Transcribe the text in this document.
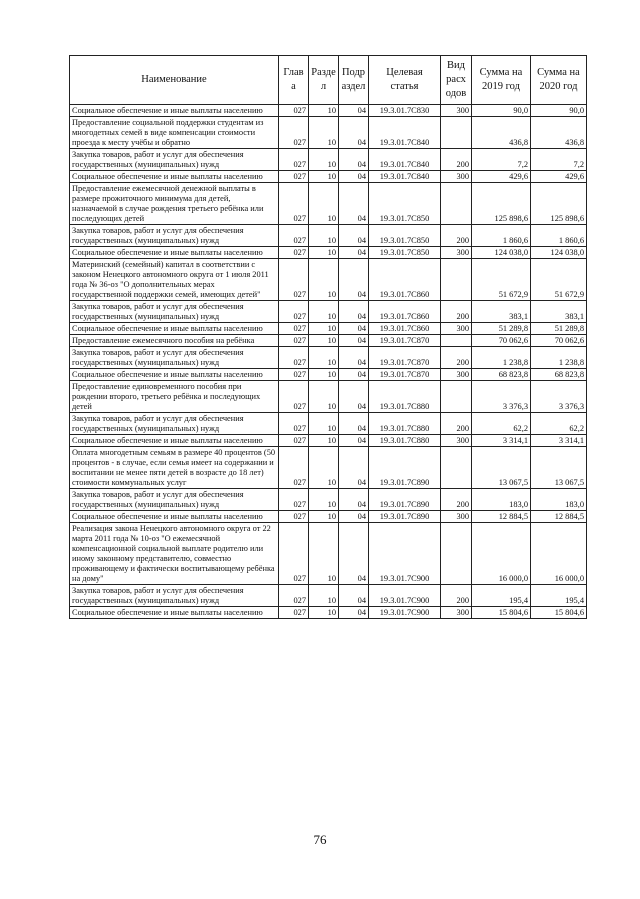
Наименование	Глав а	Разде л	Подр аздел	Целевая статья	Вид расх одов	Сумма на 2019 год	Сумма на 2020 год
Социальное обеспечение и иные выплаты населению	027	10	04	19.3.01.7С830	300	90,0	90,0
Предоставление социальной поддержки студентам из многодетных семей в виде компенсации стоимости проезда к месту учёбы и обратно	027	10	04	19.3.01.7С840		436,8	436,8
Закупка товаров, работ и услуг для обеспечения государственных (муниципальных) нужд	027	10	04	19.3.01.7С840	200	7,2	7,2
Социальное обеспечение и иные выплаты населению	027	10	04	19.3.01.7С840	300	429,6	429,6
Предоставление ежемесячной денежной выплаты в размере прожиточного минимума для детей, назначаемой в случае рождения третьего ребёнка или последующих детей	027	10	04	19.3.01.7С850		125 898,6	125 898,6
Закупка товаров, работ и услуг для обеспечения государственных (муниципальных) нужд	027	10	04	19.3.01.7С850	200	1 860,6	1 860,6
Социальное обеспечение и иные выплаты населению	027	10	04	19.3.01.7С850	300	124 038,0	124 038,0
Материнский (семейный) капитал в соответствии с законом Ненецкого автономного округа от 1 июля 2011 года № 36-оз "О дополнительных мерах государственной поддержки семей, имеющих детей"	027	10	04	19.3.01.7С860		51 672,9	51 672,9
Закупка товаров, работ и услуг для обеспечения государственных (муниципальных) нужд	027	10	04	19.3.01.7С860	200	383,1	383,1
Социальное обеспечение и иные выплаты населению	027	10	04	19.3.01.7С860	300	51 289,8	51 289,8
Предоставление ежемесячного пособия на ребёнка	027	10	04	19.3.01.7С870		70 062,6	70 062,6
Закупка товаров, работ и услуг для обеспечения государственных (муниципальных) нужд	027	10	04	19.3.01.7С870	200	1 238,8	1 238,8
Социальное обеспечение и иные выплаты населению	027	10	04	19.3.01.7С870	300	68 823,8	68 823,8
Предоставление единовременного пособия при рождении второго, третьего ребёнка и последующих детей	027	10	04	19.3.01.7С880		3 376,3	3 376,3
Закупка товаров, работ и услуг для обеспечения государственных (муниципальных) нужд	027	10	04	19.3.01.7С880	200	62,2	62,2
Социальное обеспечение и иные выплаты населению	027	10	04	19.3.01.7С880	300	3 314,1	3 314,1
Оплата многодетным семьям в размере 40 процентов (50 процентов - в случае, если семья имеет на содержании и воспитании не менее пяти детей в возрасте до 18 лет) стоимости коммунальных услуг	027	10	04	19.3.01.7С890		13 067,5	13 067,5
Закупка товаров, работ и услуг для обеспечения государственных (муниципальных) нужд	027	10	04	19.3.01.7С890	200	183,0	183,0
Социальное обеспечение и иные выплаты населению	027	10	04	19.3.01.7С890	300	12 884,5	12 884,5
Реализация закона Ненецкого автономного округа от 22 марта 2011 года № 10-оз "О ежемесячной компенсационной социальной выплате родителю или иному законному представителю, совместно проживающему и фактически воспитывающему ребёнка на дому"	027	10	04	19.3.01.7С900		16 000,0	16 000,0
Закупка товаров, работ и услуг для обеспечения государственных (муниципальных) нужд	027	10	04	19.3.01.7С900	200	195,4	195,4
Социальное обеспечение и иные выплаты населению	027	10	04	19.3.01.7С900	300	15 804,6	15 804,6
76
